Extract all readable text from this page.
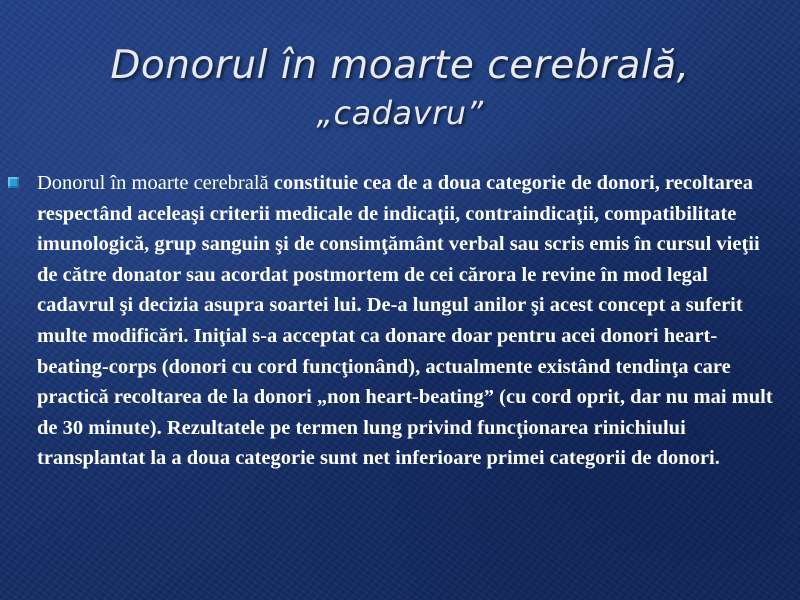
Donorul în moarte cerebrală,
„cadavru”

Donorul în moarte cerebrală constituie cea de a doua categorie de donori, recoltarea respectând aceleaşi criterii medicale de indicaţii, contraindicaţii, compatibilitate imunologică, grup sanguin şi de consimţământ verbal sau scris emis în cursul vieţii de către donator sau acordat postmortem de cei cărora le revine în mod legal cadavrul şi decizia asupra soartei lui. De-a lungul anilor şi acest concept a suferit multe modificări. Iniţial s-a acceptat ca donare doar pentru acei donori heart-beating-corps (donori cu cord funcţionând), actualmente existând tendinţa care practică recoltarea de la donori „non heart-beating” (cu cord oprit, dar nu mai mult de 30 minute). Rezultatele pe termen lung privind funcţionarea rinichiului transplantat la a doua categorie sunt net inferioare primei categorii de donori.
